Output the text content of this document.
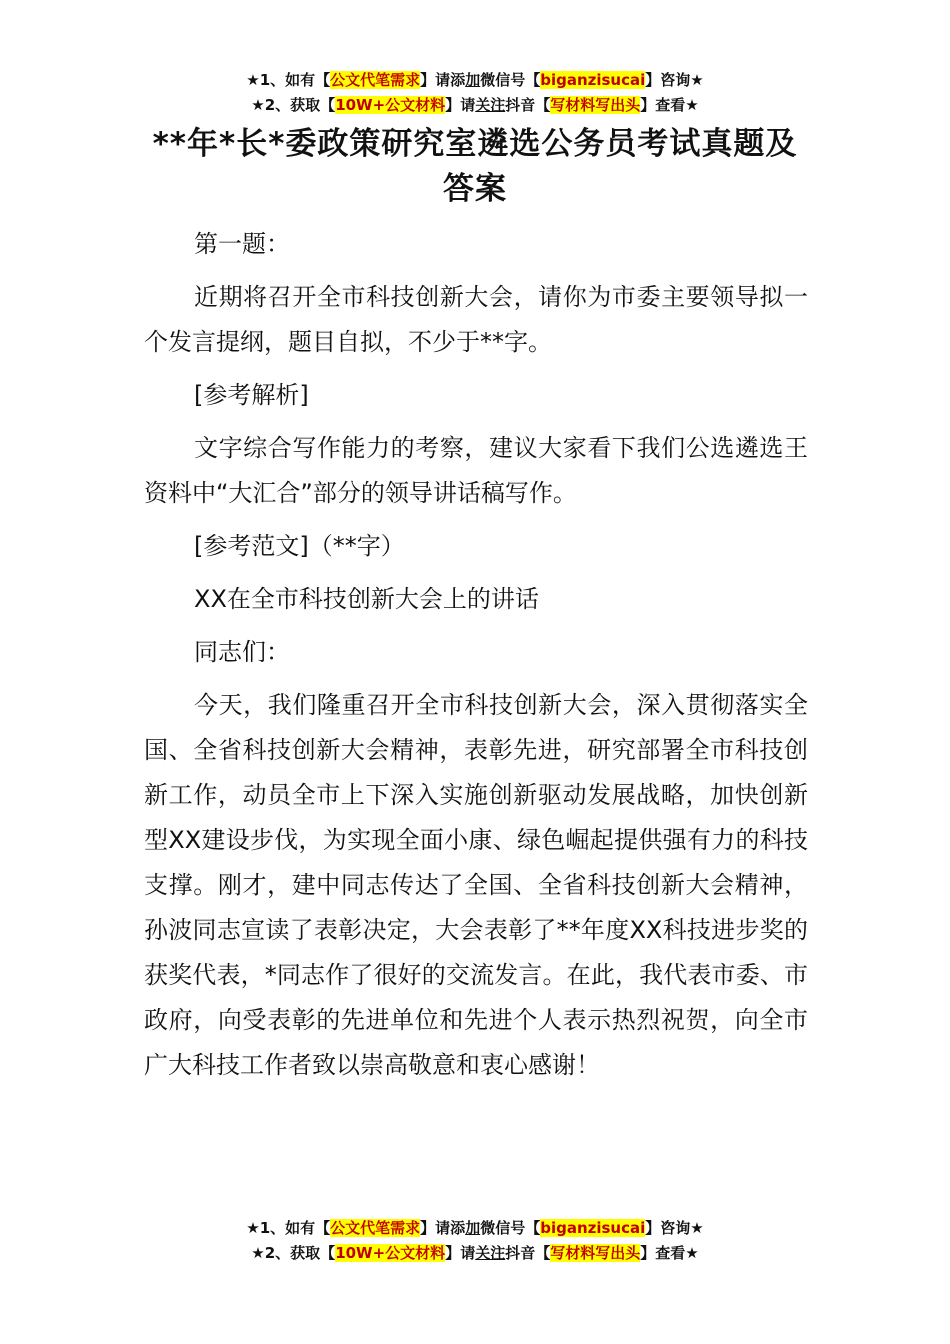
★1、如有【公文代笔需求】请添加微信号【biganzisucai】咨询★
★2、获取【10W+公文材料】请关注抖音【写材料写出头】查看★
**年*长*委政策研究室遴选公务员考试真题及答案

第一题：

近期将召开全市科技创新大会，请你为市委主要领导拟一个发言提纲，题目自拟，不少于**字。

[参考解析]

文字综合写作能力的考察，建议大家看下我们公选遴选王资料中“大汇合”部分的领导讲话稿写作。

[参考范文]（**字）

XX在全市科技创新大会上的讲话

同志们：

今天，我们隆重召开全市科技创新大会，深入贯彻落实全国、全省科技创新大会精神，表彰先进，研究部署全市科技创新工作，动员全市上下深入实施创新驱动发展战略，加快创新型XX建设步伐，为实现全面小康、绿色崛起提供强有力的科技支撑。刚才，建中同志传达了全国、全省科技创新大会精神，孙波同志宣读了表彰决定，大会表彰了**年度XX科技进步奖的获奖代表，*同志作了很好的交流发言。在此，我代表市委、市政府，向受表彰的先进单位和先进个人表示热烈祝贺，向全市广大科技工作者致以崇高敬意和衷心感谢！

★1、如有【公文代笔需求】请添加微信号【biganzisucai】咨询★
★2、获取【10W+公文材料】请关注抖音【写材料写出头】查看★
